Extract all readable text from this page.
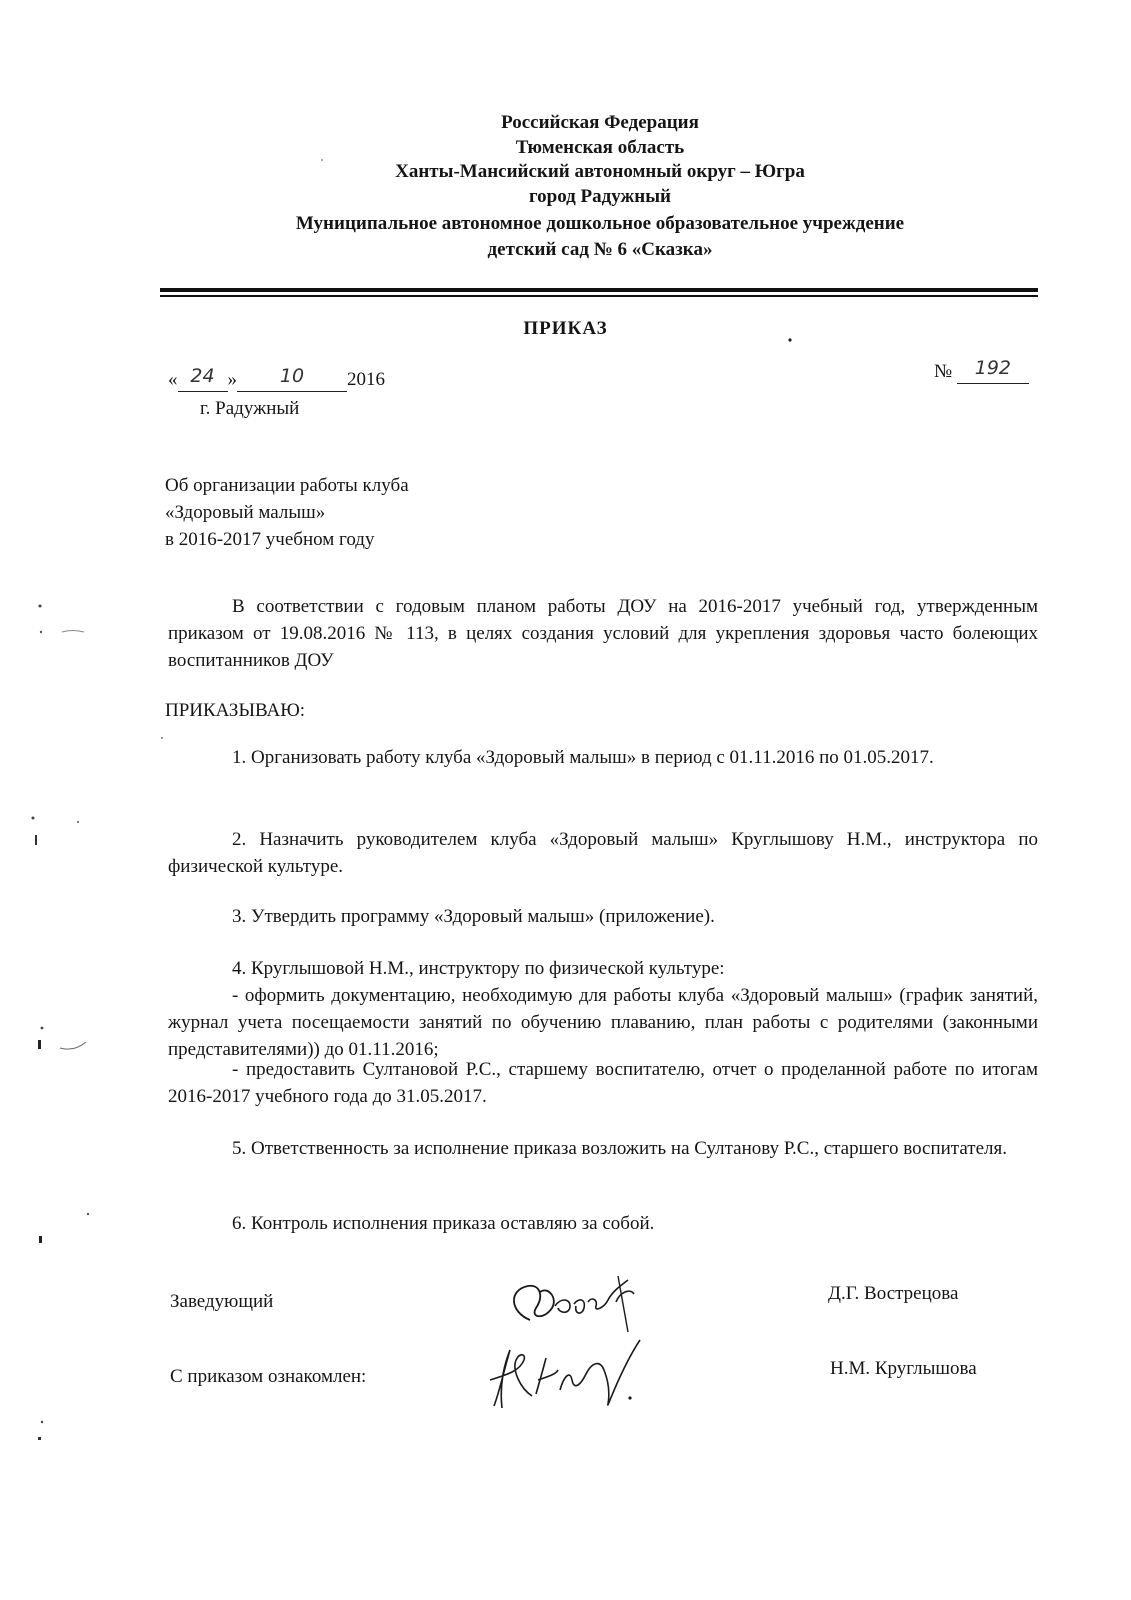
Российская Федерация
Тюменская область
Ханты-Мансийский автономный округ – Югра
город Радужный
Муниципальное автономное дошкольное образовательное учреждение
детский сад № 6 «Сказка»
ПРИКАЗ
« 24 » 10 2016
г. Радужный
№ 192
Об организации работы клуба
«Здоровый малыш»
в 2016-2017 учебном году
В соответствии с годовым планом работы ДОУ на 2016-2017 учебный год, утвержденным приказом от 19.08.2016 № 113, в целях создания условий для укрепления здоровья часто болеющих воспитанников ДОУ
ПРИКАЗЫВАЮ:
1. Организовать работу клуба «Здоровый малыш» в период с 01.11.2016 по 01.05.2017.
2. Назначить руководителем клуба «Здоровый малыш» Круглышову Н.М., инструктора по физической культуре.
3. Утвердить программу «Здоровый малыш» (приложение).
4. Круглышовой Н.М., инструктору по физической культуре:
- оформить документацию, необходимую для работы клуба «Здоровый малыш» (график занятий, журнал учета посещаемости занятий по обучению плаванию, план работы с родителями (законными представителями)) до 01.11.2016;
- предоставить Султановой Р.С., старшему воспитателю, отчет о проделанной работе по итогам 2016-2017 учебного года до 31.05.2017.
5. Ответственность за исполнение приказа возложить на Султанову Р.С., старшего воспитателя.
6. Контроль исполнения приказа оставляю за собой.
Заведующий	Д.Г. Вострецова
С приказом ознакомлен:	Н.М. Круглышова
